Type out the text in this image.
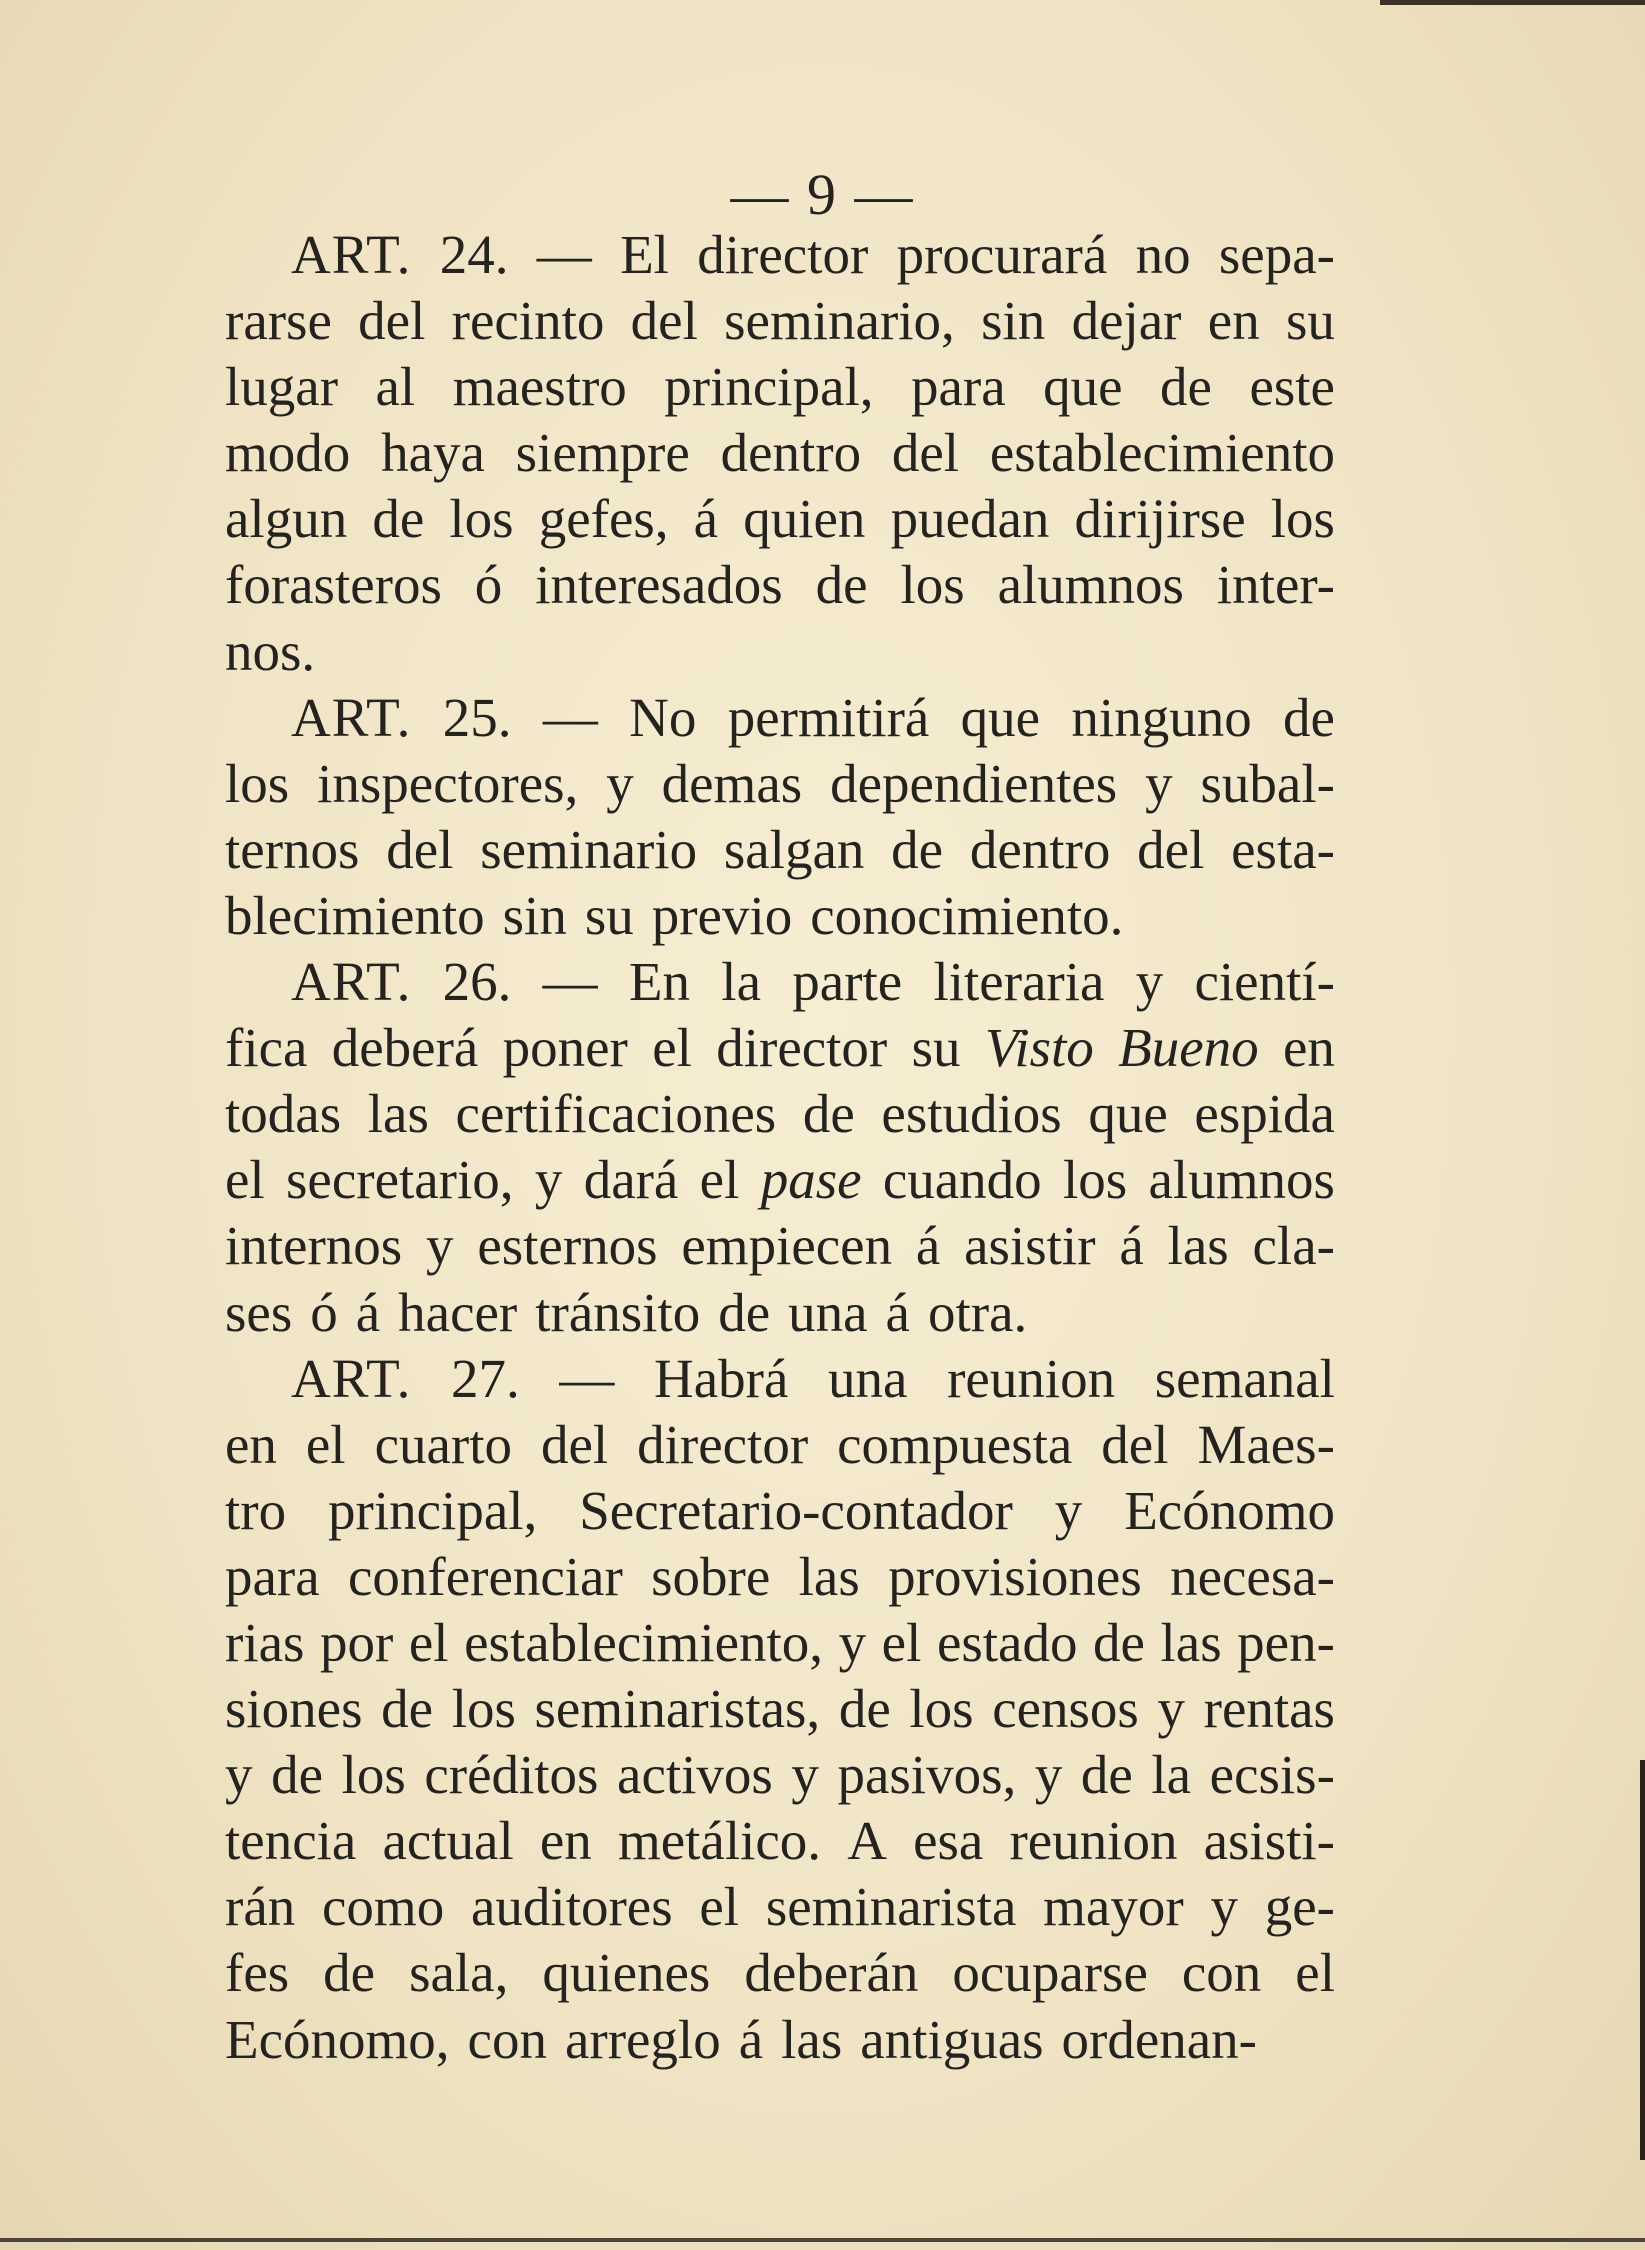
— 9 —
ART. 24. — El director procurará no sepa-
rarse del recinto del seminario, sin dejar en su
lugar al maestro principal, para que de este
modo haya siempre dentro del establecimiento
algun de los gefes, á quien puedan dirijirse los
forasteros ó interesados de los alumnos inter-
nos.
ART. 25. — No permitirá que ninguno de
los inspectores, y demas dependientes y subal-
ternos del seminario salgan de dentro del esta-
blecimiento sin su previo conocimiento.
ART. 26. — En la parte literaria y cientí-
fica deberá poner el director su Visto Bueno en
todas las certificaciones de estudios que espida
el secretario, y dará el pase cuando los alumnos
internos y esternos empiecen á asistir á las cla-
ses ó á hacer tránsito de una á otra.
ART. 27. — Habrá una reunion semanal
en el cuarto del director compuesta del Maes-
tro principal, Secretario-contador y Ecónomo
para conferenciar sobre las provisiones necesa-
rias por el establecimiento, y el estado de las pen-
siones de los seminaristas, de los censos y rentas
y de los créditos activos y pasivos, y de la ecsis-
tencia actual en metálico. A esa reunion asisti-
rán como auditores el seminarista mayor y ge-
fes de sala, quienes deberán ocuparse con el
Ecónomo, con arreglo á las antiguas ordenan-
